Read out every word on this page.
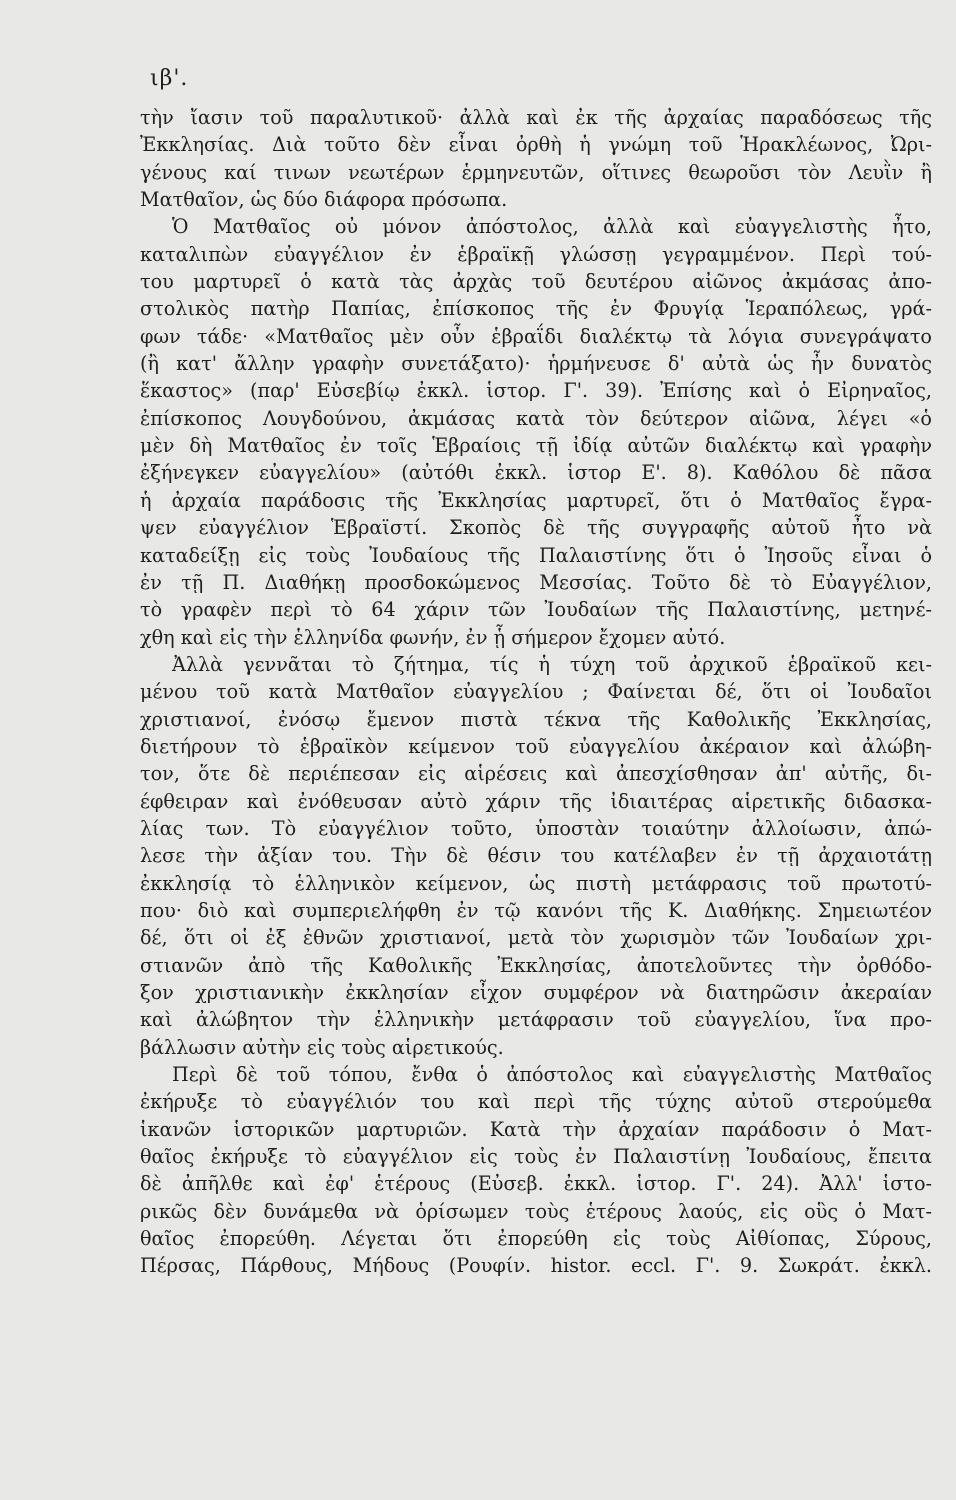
ιβ'.
τὴν ἴασιν τοῦ παραλυτικοῦ· ἀλλὰ καὶ ἐκ τῆς ἀρχαίας παραδόσεως τῆς
Ἐκκλησίας. Διὰ τοῦτο δὲν εἶναι ὀρθὴ ἡ γνώμη τοῦ Ἡρακλέωνος, Ὠρι-
γένους καί τινων νεωτέρων ἑρμηνευτῶν, οἵτινες θεωροῦσι τὸν Λευῒν ἢ
Ματθαῖον, ὡς δύο διάφορα πρόσωπα.
Ὁ Ματθαῖος οὐ μόνον ἀπόστολος, ἀλλὰ καὶ εὐαγγελιστὴς ἦτο,
καταλιπὼν εὐαγγέλιον ἐν ἑβραϊκῇ γλώσσῃ γεγραμμένον. Περὶ τού-
του μαρτυρεῖ ὁ κατὰ τὰς ἀρχὰς τοῦ δευτέρου αἰῶνος ἀκμάσας ἀπο-
στολικὸς πατὴρ Παπίας, ἐπίσκοπος τῆς ἐν Φρυγίᾳ Ἱεραπόλεως, γρά-
φων τάδε· «Ματθαῖος μὲν οὖν ἑβραΐδι διαλέκτῳ τὰ λόγια συνεγράψατο
(ἢ κατ' ἄλλην γραφὴν συνετάξατο)· ἡρμήνευσε δ' αὐτὰ ὡς ἦν δυνατὸς
ἕκαστος» (παρ' Εὐσεβίῳ ἐκκλ. ἱστορ. Γ'. 39). Ἐπίσης καὶ ὁ Εἰρηναῖος,
ἐπίσκοπος Λουγδούνου, ἀκμάσας κατὰ τὸν δεύτερον αἰῶνα, λέγει «ὁ
μὲν δὴ Ματθαῖος ἐν τοῖς Ἑβραίοις τῇ ἰδίᾳ αὐτῶν διαλέκτῳ καὶ γραφὴν
ἐξήνεγκεν εὐαγγελίου» (αὐτόθι ἐκκλ. ἱστορ Ε'. 8). Καθόλου δὲ πᾶσα
ἡ ἀρχαία παράδοσις τῆς Ἐκκλησίας μαρτυρεῖ, ὅτι ὁ Ματθαῖος ἔγρα-
ψεν εὐαγγέλιον Ἑβραϊστί. Σκοπὸς δὲ τῆς συγγραφῆς αὐτοῦ ἦτο νὰ
καταδείξῃ εἰς τοὺς Ἰουδαίους τῆς Παλαιστίνης ὅτι ὁ Ἰησοῦς εἶναι ὁ
ἐν τῇ Π. Διαθήκῃ προσδοκώμενος Μεσσίας. Τοῦτο δὲ τὸ Εὐαγγέλιον,
τὸ γραφὲν περὶ τὸ 64 χάριν τῶν Ἰουδαίων τῆς Παλαιστίνης, μετηνέ-
χθη καὶ εἰς τὴν ἑλληνίδα φωνήν, ἐν ᾗ σήμερον ἔχομεν αὐτό.
Ἀλλὰ γεννᾶται τὸ ζήτημα, τίς ἡ τύχη τοῦ ἀρχικοῦ ἑβραϊκοῦ κει-
μένου τοῦ κατὰ Ματθαῖον εὐαγγελίου ; Φαίνεται δέ, ὅτι οἱ Ἰουδαῖοι
χριστιανοί, ἐνόσῳ ἔμενον πιστὰ τέκνα τῆς Καθολικῆς Ἐκκλησίας,
διετήρουν τὸ ἑβραϊκὸν κείμενον τοῦ εὐαγγελίου ἀκέραιον καὶ ἀλώβη-
τον, ὅτε δὲ περιέπεσαν εἰς αἱρέσεις καὶ ἀπεσχίσθησαν ἀπ' αὐτῆς, δι-
έφθειραν καὶ ἐνόθευσαν αὐτὸ χάριν τῆς ἰδιαιτέρας αἱρετικῆς διδασκα-
λίας των. Τὸ εὐαγγέλιον τοῦτο, ὑποστὰν τοιαύτην ἀλλοίωσιν, ἀπώ-
λεσε τὴν ἀξίαν του. Τὴν δὲ θέσιν του κατέλαβεν ἐν τῇ ἀρχαιοτάτῃ
ἐκκλησίᾳ τὸ ἑλληνικὸν κείμενον, ὡς πιστὴ μετάφρασις τοῦ πρωτοτύ-
που· διὸ καὶ συμπεριελήφθη ἐν τῷ κανόνι τῆς Κ. Διαθήκης. Σημειωτέον
δέ, ὅτι οἱ ἐξ ἐθνῶν χριστιανοί, μετὰ τὸν χωρισμὸν τῶν Ἰουδαίων χρι-
στιανῶν ἀπὸ τῆς Καθολικῆς Ἐκκλησίας, ἀποτελοῦντες τὴν ὀρθόδο-
ξον χριστιανικὴν ἐκκλησίαν εἶχον συμφέρον νὰ διατηρῶσιν ἀκεραίαν
καὶ ἀλώβητον τὴν ἑλληνικὴν μετάφρασιν τοῦ εὐαγγελίου, ἵνα προ-
βάλλωσιν αὐτὴν εἰς τοὺς αἱρετικούς.
Περὶ δὲ τοῦ τόπου, ἔνθα ὁ ἀπόστολος καὶ εὐαγγελιστὴς Ματθαῖος
ἐκήρυξε τὸ εὐαγγέλιόν του καὶ περὶ τῆς τύχης αὐτοῦ στερούμεθα
ἱκανῶν ἱστορικῶν μαρτυριῶν. Κατὰ τὴν ἀρχαίαν παράδοσιν ὁ Ματ-
θαῖος ἐκήρυξε τὸ εὐαγγέλιον εἰς τοὺς ἐν Παλαιστίνῃ Ἰουδαίους, ἔπειτα
δὲ ἀπῆλθε καὶ ἐφ' ἑτέρους (Εὐσεβ. ἐκκλ. ἱστορ. Γ'. 24). Ἀλλ' ἱστο-
ρικῶς δὲν δυνάμεθα νὰ ὁρίσωμεν τοὺς ἑτέρους λαούς, εἰς οὓς ὁ Ματ-
θαῖος ἐπορεύθη. Λέγεται ὅτι ἐπορεύθη εἰς τοὺς Αἰθίοπας, Σύρους,
Πέρσας, Πάρθους, Μήδους (Ρουφίν. histor. eccl. Γ'. 9. Σωκράτ. ἐκκλ.
